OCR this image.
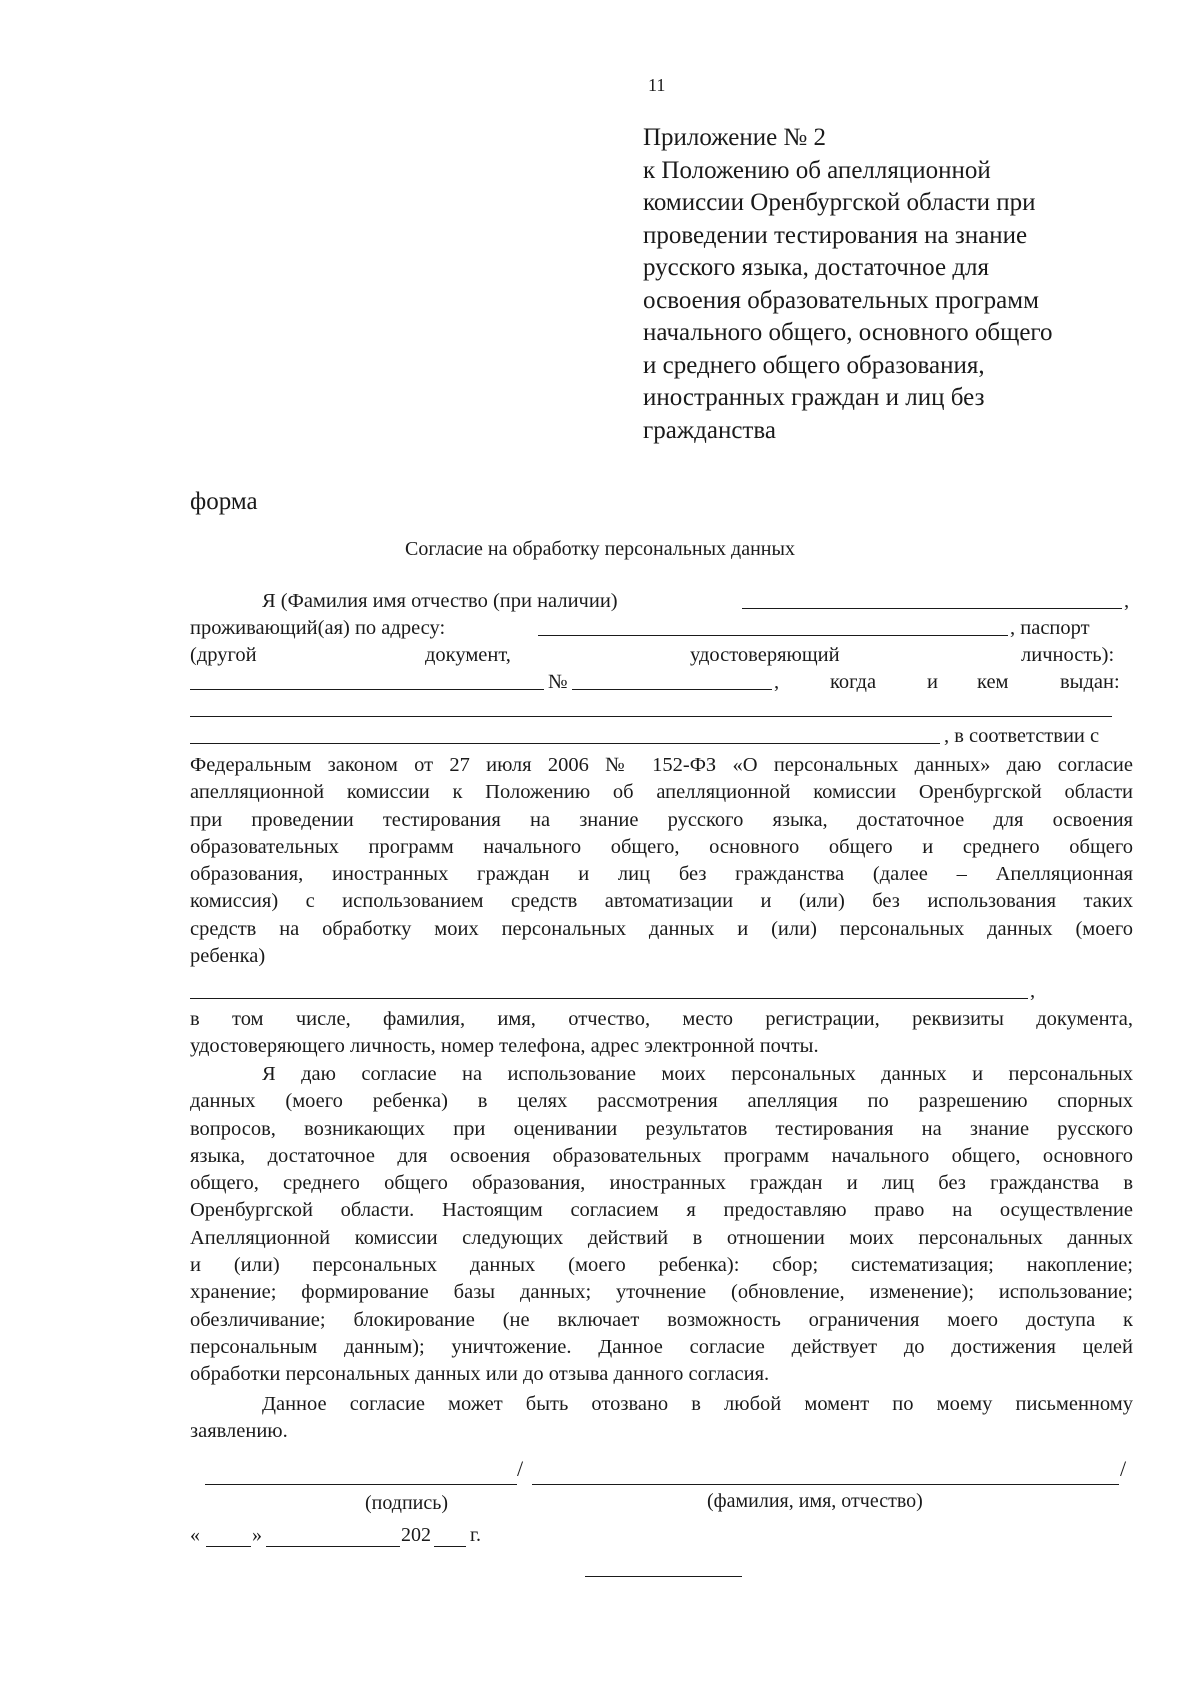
11
Приложение № 2
к Положению об апелляционной
комиссии Оренбургской области при
проведении тестирования на знание
русского языка, достаточное для
освоения образовательных программ
начального общего, основного общего
и среднего общего образования,
иностранных граждан и лиц без
гражданства
форма
Согласие на обработку персональных данных
Я (Фамилия имя отчество (при наличии)	,
проживающий(ая) по адресу:	, паспорт
(другой	документ,	удостоверяющий	личность):
№	, когда и кем	выдан:
, в соответствии с
Федеральным законом от 27 июля 2006 № 152-ФЗ «О персональных данных» даю согласие
апелляционной комиссии к Положению об апелляционной комиссии Оренбургской области
при проведении тестирования на знание русского языка, достаточное для освоения
образовательных программ начального общего, основного общего и среднего общего
образования, иностранных граждан и лиц без гражданства (далее – Апелляционная
комиссия) с использованием средств автоматизации и (или) без использования таких
средств на обработку моих персональных данных и (или) персональных данных (моего
ребенка)
,
в том числе, фамилия, имя, отчество, место регистрации, реквизиты документа,
удостоверяющего личность, номер телефона, адрес электронной почты.
Я даю согласие на использование моих персональных данных и персональных
данных (моего ребенка) в целях рассмотрения апелляция по разрешению спорных
вопросов, возникающих при оценивании результатов тестирования на знание русского
языка, достаточное для освоения образовательных программ начального общего, основного
общего, среднего общего образования, иностранных граждан и лиц без гражданства в
Оренбургской области. Настоящим согласием я предоставляю право на осуществление
Апелляционной комиссии следующих действий в отношении моих персональных данных
и (или) персональных данных (моего ребенка): сбор; систематизация; накопление;
хранение; формирование базы данных; уточнение (обновление, изменение); использование;
обезличивание; блокирование (не включает возможность ограничения моего доступа к
персональным данным); уничтожение. Данное согласие действует до достижения целей
обработки персональных данных или до отзыва данного согласия.
Данное согласие может быть отозвано в любой момент по моему письменному
заявлению.
/	/
(подпись)	(фамилия, имя, отчество)
«	»	202 г.
